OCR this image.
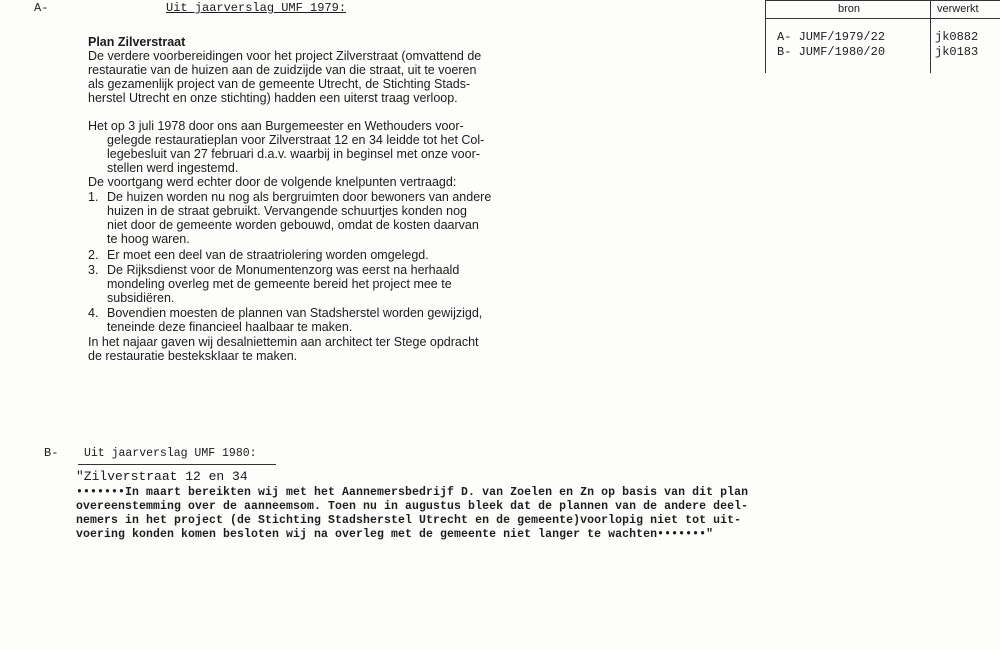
A-	Uit jaarverslag UMF 1979:	bron	verwerkt
A- JUMF/1979/22	jk0882
B- JUMF/1980/20	jk0183
Plan Zilverstraat
De verdere voorbereidingen voor het project Zilverstraat (omvattend de
restauratie van de huizen aan de zuidzijde van die straat, uit te voeren
als gezamenlijk project van de gemeente Utrecht, de Stichting Stads-
herstel Utrecht en onze stichting) hadden een uiterst traag verloop.
Het op 3 juli 1978 door ons aan Burgemeester en Wethouders voor-
gelegde restauratieplan voor Zilverstraat 12 en 34 leidde tot het Col-
legebesluit van 27 februari d.a.v. waarbij in beginsel met onze voor-
stellen werd ingestemd.
De voortgang werd echter door de volgende knelpunten vertraagd:
1. De huizen worden nu nog als bergruimten door bewoners van andere
huizen in de straat gebruikt. Vervangende schuurtjes konden nog
niet door de gemeente worden gebouwd, omdat de kosten daarvan
te hoog waren.
2. Er moet een deel van de straatriolering worden omgelegd.
3. De Rijksdienst voor de Monumentenzorg was eerst na herhaald
mondeling overleg met de gemeente bereid het project mee te
subsidiëren.
4. Bovendien moesten de plannen van Stadsherstel worden gewijzigd,
teneinde deze financieel haalbaar te maken.
In het najaar gaven wij desalniettemin aan architect ter Stege opdracht
de restauratie bestekskIaar te maken.
B- Uit jaarverslag UMF 1980:
"Zilverstraat 12 en 34
•••••••In maart bereikten wij met het Aannemersbedrijf D. van Zoelen en Zn op basis van dit plan
overeenstemming over de aanneemsom. Toen nu in augustus bleek dat de plannen van de andere deel-
nemers in het project (de Stichting Stadsherstel Utrecht en de gemeente)voorlopig niet tot uit-
voering konden komen besloten wij na overleg met de gemeente niet langer te wachten•••••••"
